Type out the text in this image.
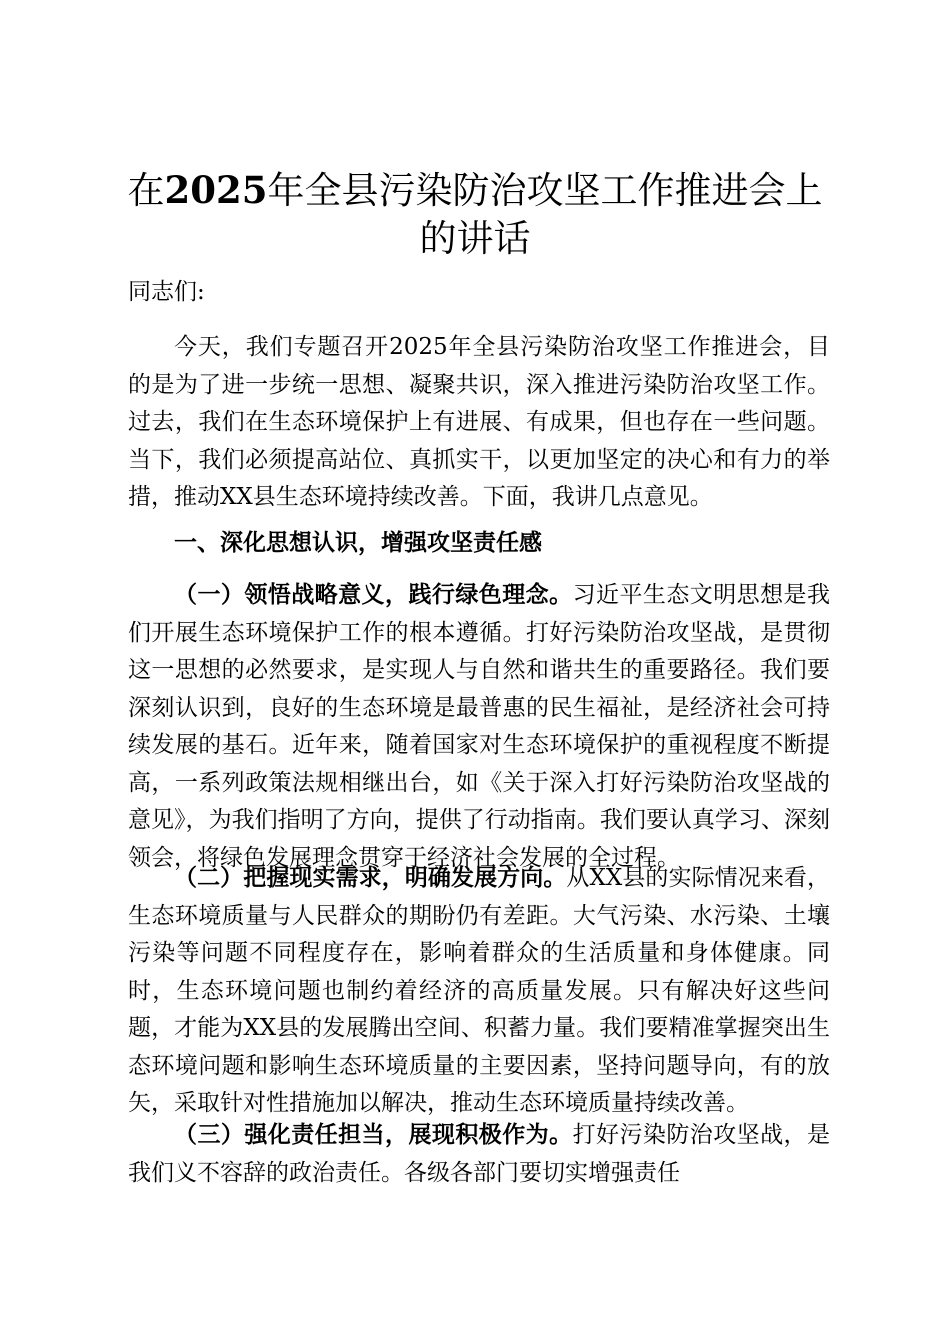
在2025年全县污染防治攻坚工作推进会上的讲话

同志们:

今天，我们专题召开2025年全县污染防治攻坚工作推进会，目的是为了进一步统一思想、凝聚共识，深入推进污染防治攻坚工作。过去，我们在生态环境保护上有进展、有成果，但也存在一些问题。当下，我们必须提高站位、真抓实干，以更加坚定的决心和有力的举措，推动XX县生态环境持续改善。下面，我讲几点意见。

一、深化思想认识，增强攻坚责任感

（一）领悟战略意义，践行绿色理念。习近平生态文明思想是我们开展生态环境保护工作的根本遵循。打好污染防治攻坚战，是贯彻这一思想的必然要求，是实现人与自然和谐共生的重要路径。我们要深刻认识到，良好的生态环境是最普惠的民生福祉，是经济社会可持续发展的基石。近年来，随着国家对生态环境保护的重视程度不断提高，一系列政策法规相继出台，如《关于深入打好污染防治攻坚战的意见》，为我们指明了方向，提供了行动指南。我们要认真学习、深刻领会，将绿色发展理念贯穿于经济社会发展的全过程。

（二）把握现实需求，明确发展方向。从XX县的实际情况来看，生态环境质量与人民群众的期盼仍有差距。大气污染、水污染、土壤污染等问题不同程度存在，影响着群众的生活质量和身体健康。同时，生态环境问题也制约着经济的高质量发展。只有解决好这些问题，才能为XX县的发展腾出空间、积蓄力量。我们要精准掌握突出生态环境问题和影响生态环境质量的主要因素，坚持问题导向，有的放矢，采取针对性措施加以解决，推动生态环境质量持续改善。

（三）强化责任担当，展现积极作为。打好污染防治攻坚战，是我们义不容辞的政治责任。各级各部门要切实增强责任
